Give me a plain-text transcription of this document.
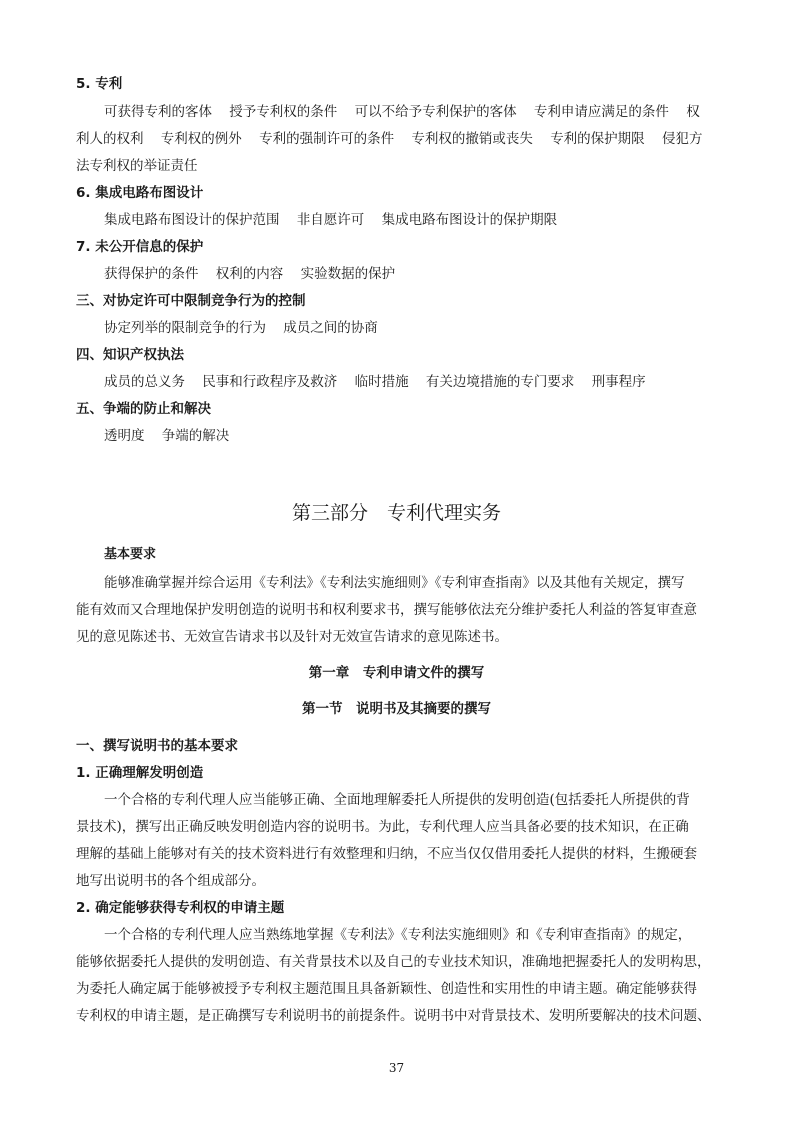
5. 专利
可获得专利的客体 授予专利权的条件 可以不给予专利保护的客体 专利申请应满足的条件 权
利人的权利 专利权的例外 专利的强制许可的条件 专利权的撤销或丧失 专利的保护期限 侵犯方
法专利权的举证责任
6. 集成电路布图设计
集成电路布图设计的保护范围 非自愿许可 集成电路布图设计的保护期限
7. 未公开信息的保护
获得保护的条件 权利的内容 实验数据的保护
三、对协定许可中限制竞争行为的控制
协定列举的限制竞争的行为 成员之间的协商
四、知识产权执法
成员的总义务 民事和行政程序及救济 临时措施 有关边境措施的专门要求 刑事程序
五、争端的防止和解决
透明度 争端的解决
第三部分　专利代理实务
基本要求
能够准确掌握并综合运用《专利法》《专利法实施细则》《专利审查指南》以及其他有关规定，撰写
能有效而又合理地保护发明创造的说明书和权利要求书，撰写能够依法充分维护委托人利益的答复审查意
见的意见陈述书、无效宣告请求书以及针对无效宣告请求的意见陈述书。
第一章　专利申请文件的撰写
第一节　说明书及其摘要的撰写
一、撰写说明书的基本要求
1. 正确理解发明创造
一个合格的专利代理人应当能够正确、全面地理解委托人所提供的发明创造(包括委托人所提供的背
景技术)，撰写出正确反映发明创造内容的说明书。为此，专利代理人应当具备必要的技术知识，在正确
理解的基础上能够对有关的技术资料进行有效整理和归纳，不应当仅仅借用委托人提供的材料，生搬硬套
地写出说明书的各个组成部分。
2. 确定能够获得专利权的申请主题
一个合格的专利代理人应当熟练地掌握《专利法》《专利法实施细则》和《专利审查指南》的规定，
能够依据委托人提供的发明创造、有关背景技术以及自己的专业技术知识，准确地把握委托人的发明构思，
为委托人确定属于能够被授予专利权主题范围且具备新颖性、创造性和实用性的申请主题。确定能够获得
专利权的申请主题，是正确撰写专利说明书的前提条件。说明书中对背景技术、发明所要解决的技术问题、
37
